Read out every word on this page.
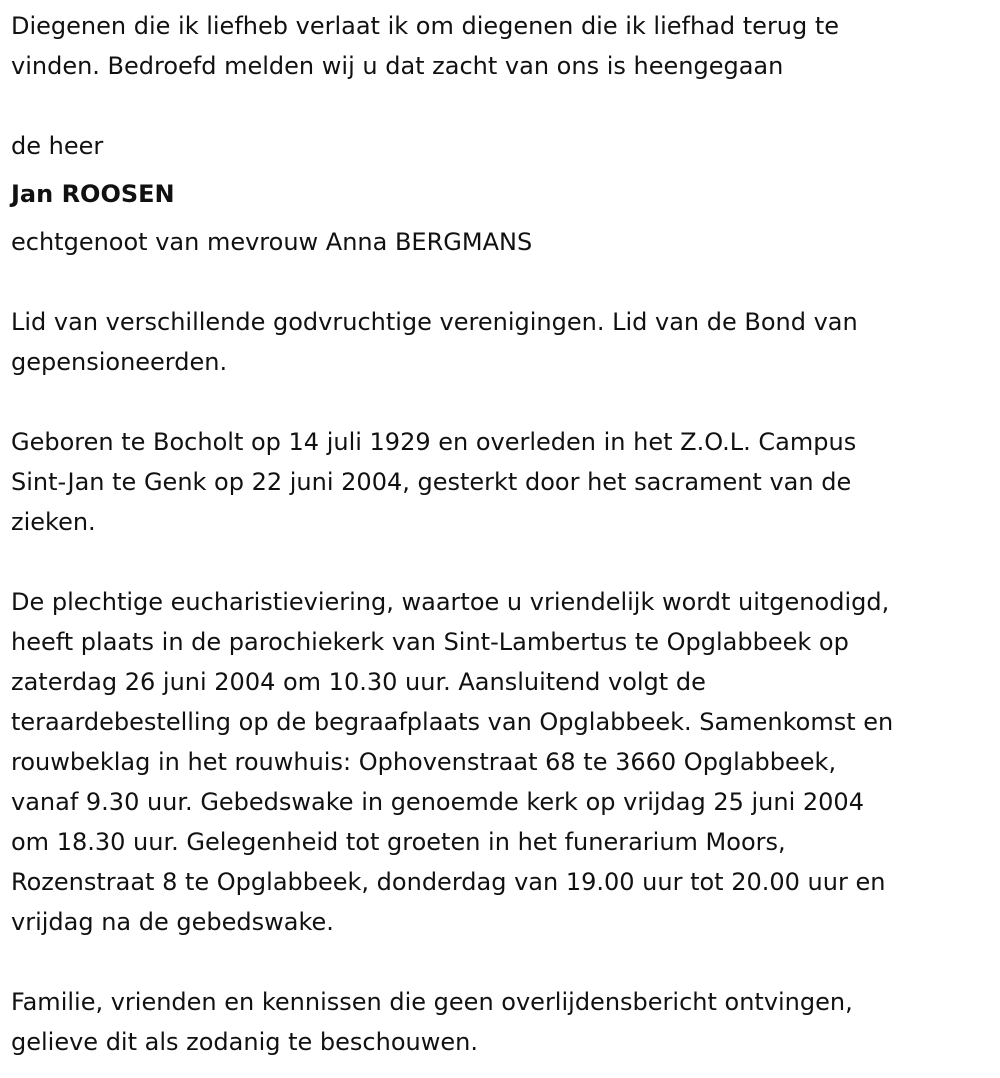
Diegenen die ik liefheb verlaat ik om diegenen die ik liefhad terug te
vinden. Bedroefd melden wij u dat zacht van ons is heengegaan
de heer
Jan ROOSEN
echtgenoot van mevrouw Anna BERGMANS
Lid van verschillende godvruchtige verenigingen. Lid van de Bond van
gepensioneerden.
Geboren te Bocholt op 14 juli 1929 en overleden in het Z.O.L. Campus
Sint-Jan te Genk op 22 juni 2004, gesterkt door het sacrament van de
zieken.
De plechtige eucharistieviering, waartoe u vriendelijk wordt uitgenodigd,
heeft plaats in de parochiekerk van Sint-Lambertus te Opglabbeek op
zaterdag 26 juni 2004 om 10.30 uur. Aansluitend volgt de
teraardebestelling op de begraafplaats van Opglabbeek. Samenkomst en
rouwbeklag in het rouwhuis: Ophovenstraat 68 te 3660 Opglabbeek,
vanaf 9.30 uur. Gebedswake in genoemde kerk op vrijdag 25 juni 2004
om 18.30 uur. Gelegenheid tot groeten in het funerarium Moors,
Rozenstraat 8 te Opglabbeek, donderdag van 19.00 uur tot 20.00 uur en
vrijdag na de gebedswake.
Familie, vrienden en kennissen die geen overlijdensbericht ontvingen,
gelieve dit als zodanig te beschouwen.
